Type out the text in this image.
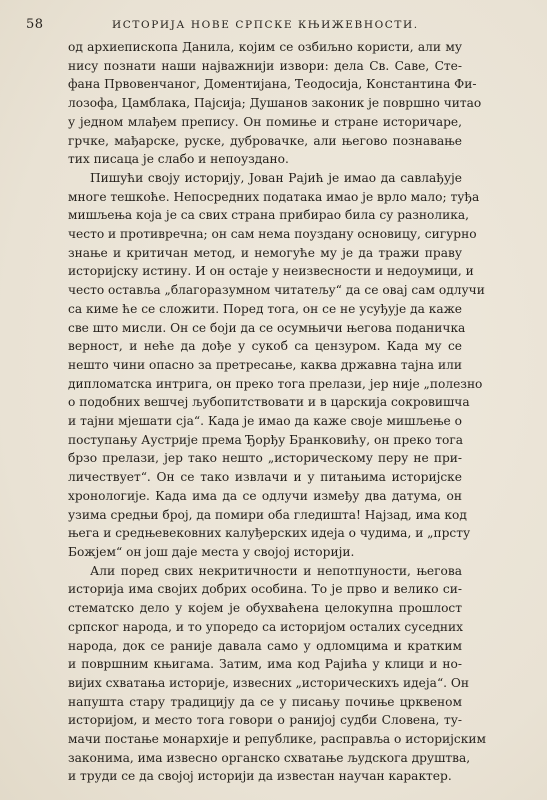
58	ИСТОРИЈА НОВЕ СРПСКЕ КЊИЖЕВНОСТИ.
од архиепископа Данила, којим се озбиљно користи, али му
нису познати наши најважнији извори: дела Св. Саве, Сте-
фана Првовенчаног, Доментијана, Теодосија, Константина Фи-
лозофа, Цамблака, Пајсија; Душанов законик је површно читао
у једном млађем препису. Он помиње и стране историчаре,
грчке, мађарске, руске, дубровачке, али његово познавање
тих писаца је слабо и непоуздано.
Пишући своју историју, Јован Рајић је имао да савлађује
многе тешкоће. Непосредних података имао је врло мало; туђа
мишљења која је са свих страна прибирао била су разнолика,
често и противречна; он сам нема поуздану основицу, сигурно
знање и критичан метод, и немогуће му је да тражи праву
историјску истину. И он остаје у неизвесности и недоумици, и
често оставља „благоразумном читатељу“ да се овај сам одлучи
са киме ће се сложити. Поред тога, он се не усуђује да каже
све што мисли. Он се боји да се осумњичи његова поданичка
верност, и неће да дође у сукоб са цензуром. Када му се
нешто чини опасно за претресање, каква државна тајна или
дипломатска интрига, он преко тога прелази, јер није „полезно
о подобних вешчеј љубопитствовати и в царскија сокровишча
и тајни мјешати сја“. Када је имао да каже своје мишљење о
поступању Аустрије према Ђорђу Бранковићу, он преко тога
брзо прелази, јер тако нешто „историческому перу не при-
личествует“. Он се тако извлачи и у питањима историјске
хронологије. Када има да се одлучи између два датума, он
узима средњи број, да помири оба гледишта! Најзад, има код
њега и средњевековних калуђерских идеја о чудима, и „прсту
Божјем“ он још даје места у својој историји.
Али поред свих некритичности и непотпуности, његова
историја има својих добрих особина. То је прво и велико си-
стематско дело у којем је обухваћена целокупна прошлост
српског народа, и то упоредо са историјом осталих суседних
народа, док се раније давала само у одломцима и кратким
и површним књигама. Затим, има код Рајића у клици и но-
вијих схватања историје, извесних „историческихъ идеја“. Он
напушта стару традицију да се у писању почиње црквеном
историјом, и место тога говори о ранијој судби Словена, ту-
мачи постање монархије и републике, расправља о историјским
законима, има извесно органско схватање људскога друштва,
и труди се да својој историји да известан научан карактер.
